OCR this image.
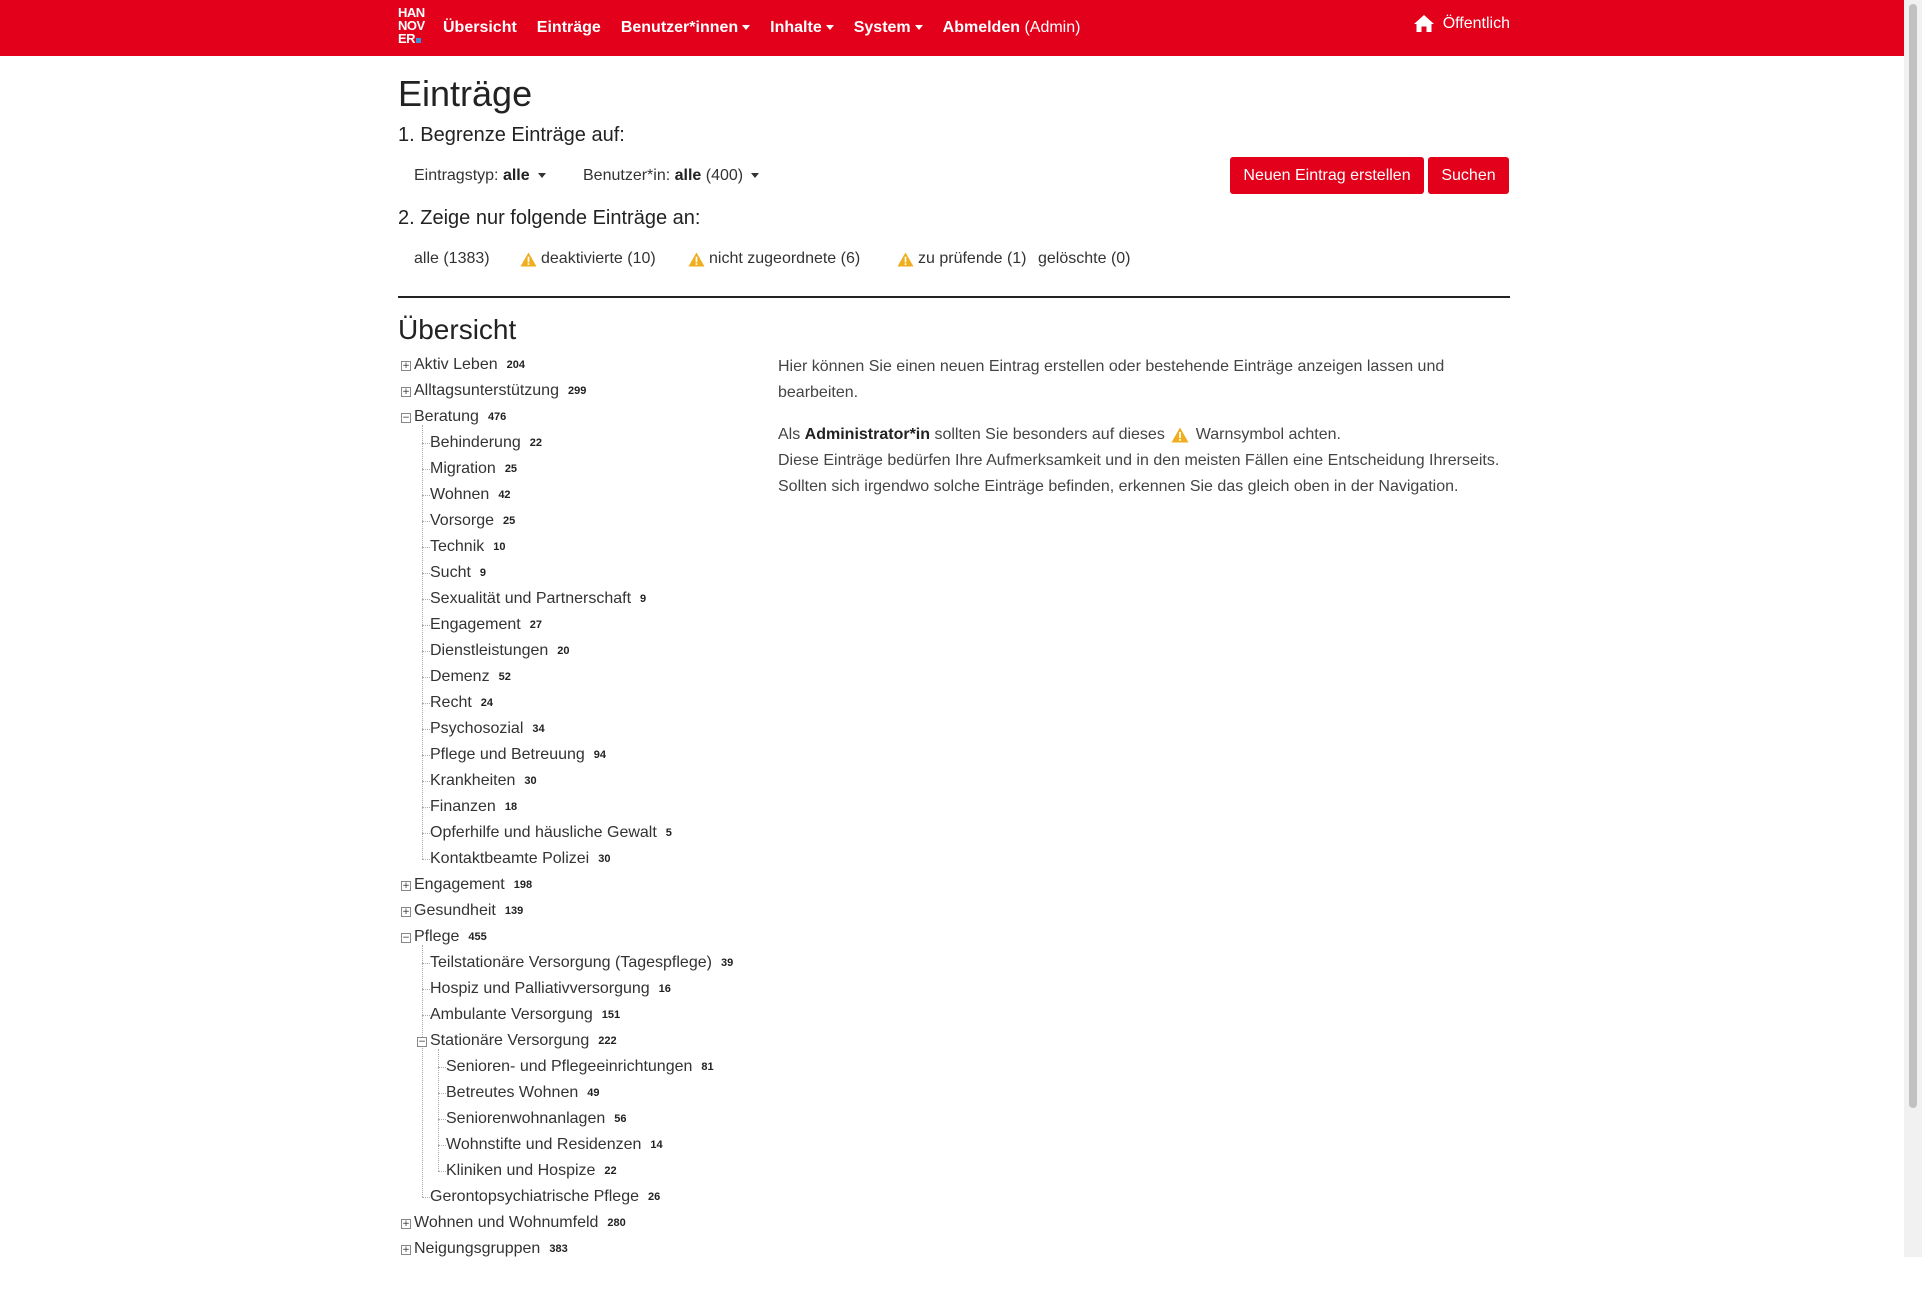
HAN
NOV
ER
Übersicht Einträge Benutzer*innen	Inhalte	System	Abmelden (Admin)	Öffentlich
Einträge
1. Begrenze Einträge auf:
Eintragstyp: alle	Benutzer*in: alle (400)	Neuen Eintrag erstellen	Suchen
2. Zeige nur folgende Einträge an:
alle (1383)	deaktivierte (10)	nicht zugeordnete (6)	zu prüfende (1) gelöschte (0)
Übersicht
Aktiv Leben 204
+
Alltagsunterstützung 299
+
Beratung 476
−
Behinderung 22
Migration 25
Wohnen 42
Vorsorge 25
Technik 10
Sucht 9
Sexualität und Partnerschaft 9
Engagement 27
Dienstleistungen 20
Demenz 52
Recht 24
Psychosozial 34
Pflege und Betreuung 94
Krankheiten 30
Finanzen 18
Opferhilfe und häusliche Gewalt 5
Kontaktbeamte Polizei 30
Engagement 198
+
Gesundheit 139
+
Pflege 455
−
Teilstationäre Versorgung (Tagespflege) 39
Hospiz und Palliativversorgung 16
Ambulante Versorgung 151
Stationäre Versorgung 222
−
Senioren- und Pflegeeinrichtungen 81
Betreutes Wohnen 49
Seniorenwohnanlagen 56
Wohnstifte und Residenzen 14
Kliniken und Hospize 22
Gerontopsychiatrische Pflege 26
Wohnen und Wohnumfeld 280
+
Neigungsgruppen 383
+

Hier können Sie einen neuen Eintrag erstellen oder bestehende Einträge anzeigen lassen und bearbeiten.

Als Administrator*in sollten Sie besonders auf dieses  Warnsymbol achten.
Diese Einträge bedürfen Ihre Aufmerksamkeit und in den meisten Fällen eine Entscheidung Ihrerseits.
Sollten sich irgendwo solche Einträge befinden, erkennen Sie das gleich oben in der Navigation.
